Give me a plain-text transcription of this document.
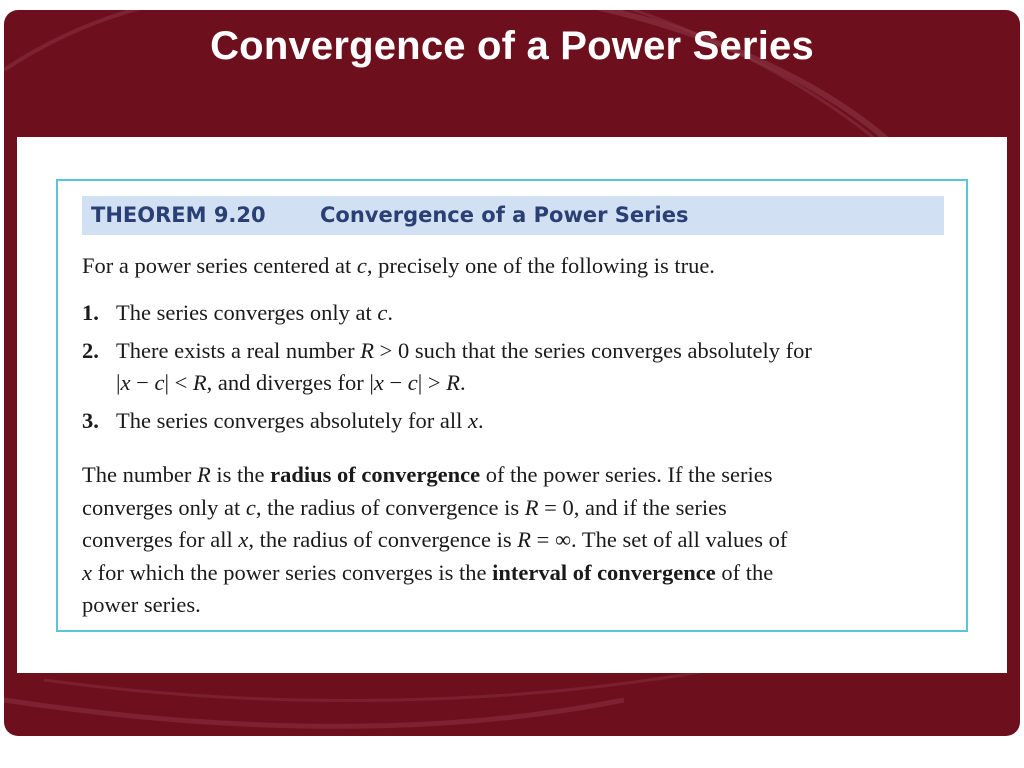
Convergence of a Power Series
THEOREM 9.20	Convergence of a Power Series

For a power series centered at c, precisely one of the following is true.

1. The series converges only at c.
2. There exists a real number R > 0 such that the series converges absolutely for
|x − c| < R, and diverges for |x − c| > R.
3. The series converges absolutely for all x.

The number R is the radius of convergence of the power series. If the series
converges only at c, the radius of convergence is R = 0, and if the series
converges for all x, the radius of convergence is R = ∞. The set of all values of
x for which the power series converges is the interval of convergence of the
power series.
